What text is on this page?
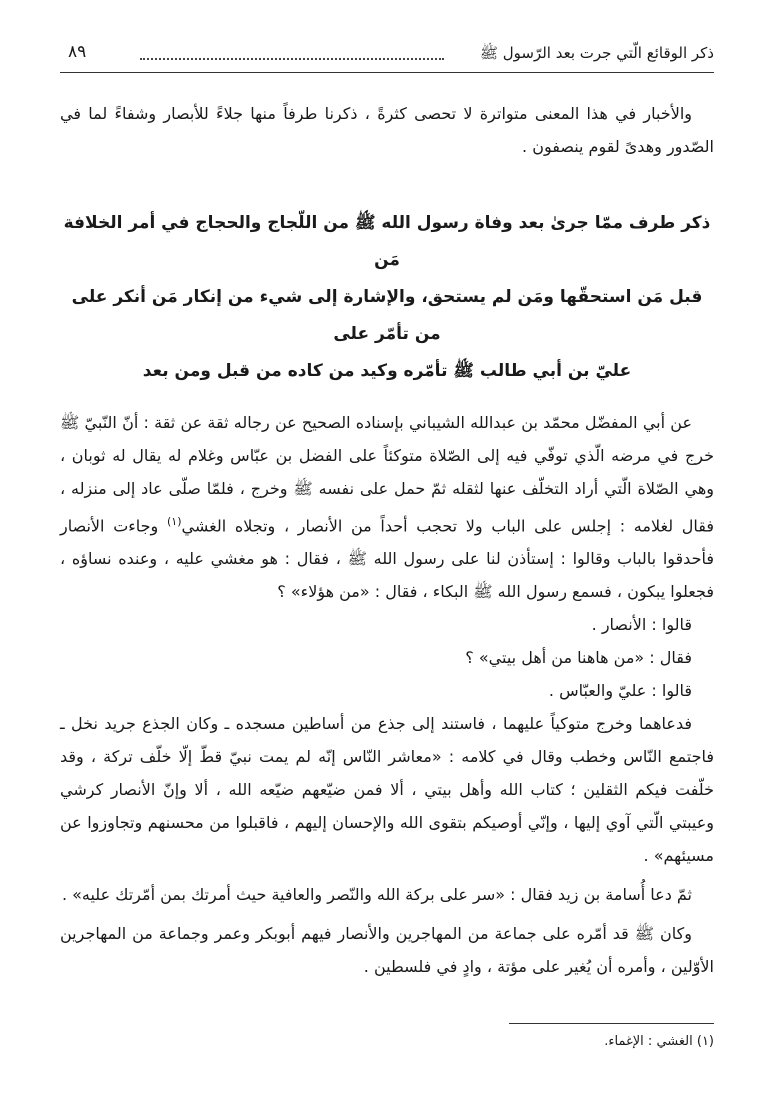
ذكر الوقائع الّتي جرت بعد الرّسول ﷺ
٨٩

والأخبار في هذا المعنى متواترة لا تحصى كثرةً ، ذكرنا طرفاً منها جلاءً للأبصار وشفاءً لما في الصّدور وهدىً لقوم ينصفون .

ذكر طرف ممّا جرىٰ بعد وفاة رسول الله ﷺ من اللّجاج والحجاج في أمر الخلافة مَن
قبل مَن استحقّها ومَن لم يستحق، والإشارة إلى شيء من إنكار مَن أنكر على من تأمّر على
عليّ بن أبي طالب ﷺ تأمّره وكيد من كاده من قبل ومن بعد

عن أبي المفضّل محمّد بن عبدالله الشيباني بإسناده الصحيح عن رجاله ثقة عن ثقة : أنّ النّبيّ ﷺ خرج في مرضه الّذي توفّي فيه إلى الصّلاة متوكئاً على الفضل بن عبّاس وغلام له يقال له ثوبان ، وهي الصّلاة الّتي أراد التخلّف عنها لثقله ثمّ حمل على نفسه ﷺ وخرج ، فلمّا صلّى عاد إلى منزله ، فقال لغلامه : إجلس على الباب ولا تحجب أحداً من الأنصار ، وتجلاه الغشي$^{(١)}$ وجاءت الأنصار فأحدقوا بالباب وقالوا : إستأذن لنا على رسول الله ﷺ ، فقال : هو مغشي عليه ، وعنده نساؤه ، فجعلوا يبكون ، فسمع رسول الله ﷺ البكاء ، فقال : «من هؤلاء» ؟

قالوا : الأنصار .

فقال : «من هاهنا من أهل بيتي» ؟

قالوا : عليّ والعبّاس .

فدعاهما وخرج متوكياً عليهما ، فاستند إلى جذع من أساطين مسجده ـ وكان الجذع جريد نخل ـ فاجتمع النّاس وخطب وقال في كلامه : «معاشر النّاس إنّه لم يمت نبيّ قطّ إلّا خلّف تركة ، وقد خلّفت فيكم الثقلين ؛ كتاب الله وأهل بيتي ، ألا فمن ضيّعهم ضيّعه الله ، ألا وإنّ الأنصار كرشي وعيبتي الّتي آوي إليها ، وإنّي أوصيكم بتقوى الله والإحسان إليهم ، فاقبلوا من محسنهم وتجاوزوا عن مسيئهم» .

ثمّ دعا أُسامة بن زيد فقال : «سر على بركة الله والنّصر والعافية حيث أمرتك بمن أمّرتك عليه» .

وكان ﷺ قد أمّره على جماعة من المهاجرين والأنصار فيهم أبوبكر وعمر وجماعة من المهاجرين الأوّلين ، وأمره أن يُغير على مؤتة ، وادٍ في فلسطين .

(١) الغشي : الإغماء.
